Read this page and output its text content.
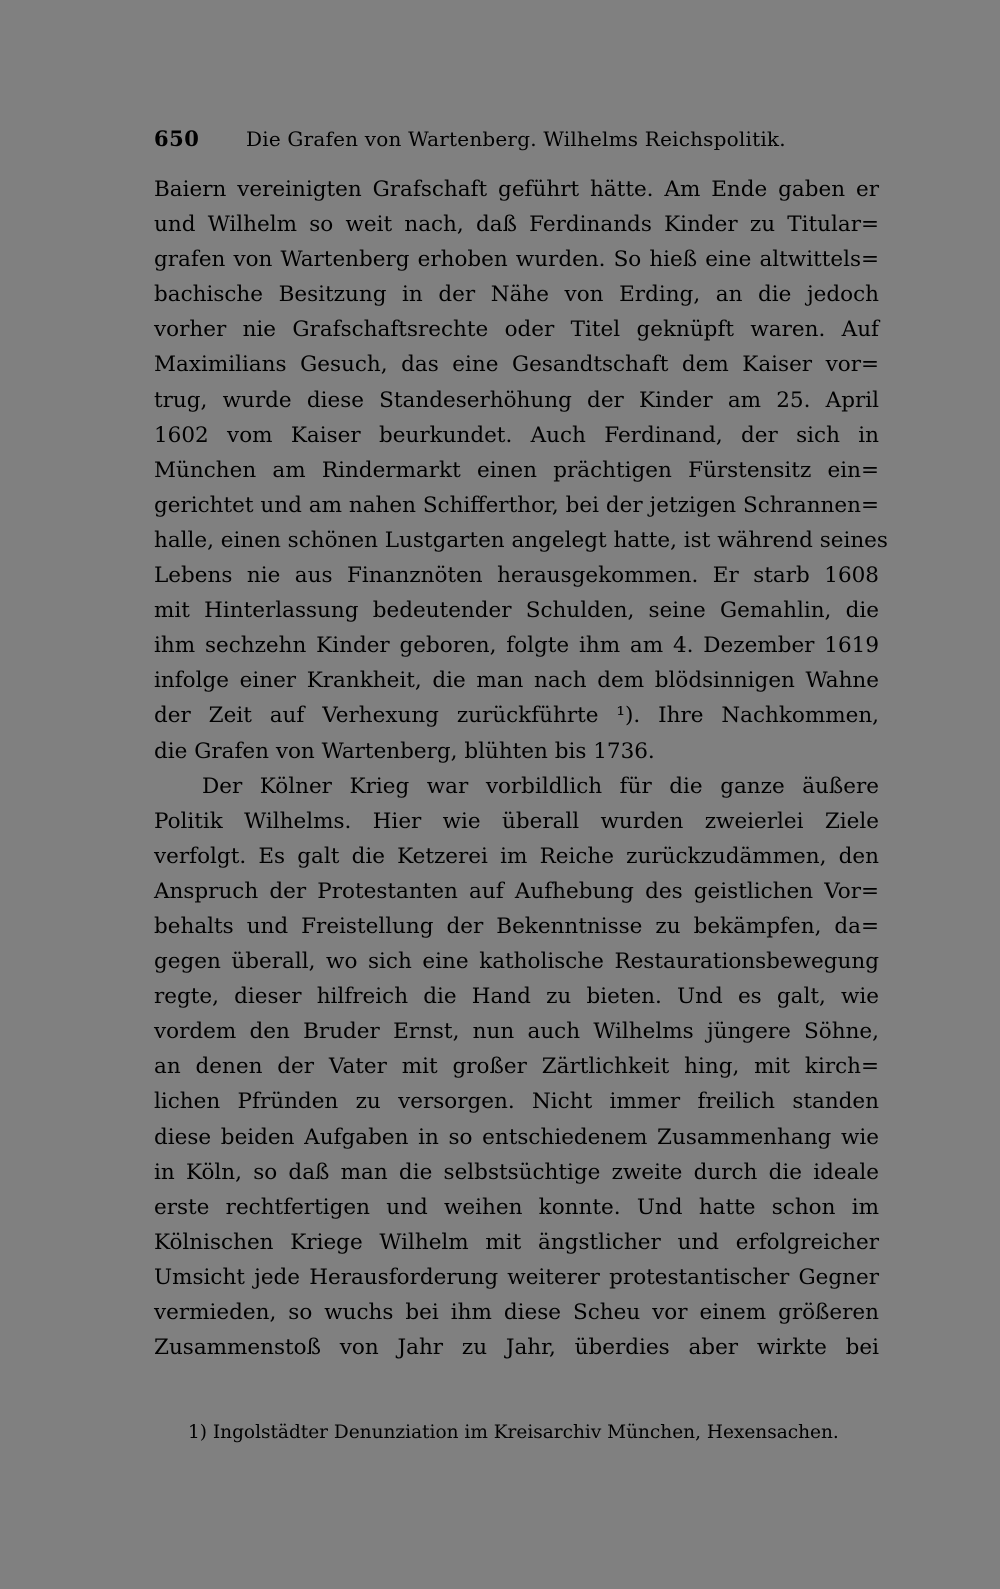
650 Die Grafen von Wartenberg. Wilhelms Reichspolitik.
Baiern vereinigten Grafschaft geführt hätte. Am Ende gaben er
und Wilhelm so weit nach, daß Ferdinands Kinder zu Titular=
grafen von Wartenberg erhoben wurden. So hieß eine altwittels=
bachische Besitzung in der Nähe von Erding, an die jedoch
vorher nie Grafschaftsrechte oder Titel geknüpft waren. Auf
Maximilians Gesuch, das eine Gesandtschaft dem Kaiser vor=
trug, wurde diese Standeserhöhung der Kinder am 25. April
1602 vom Kaiser beurkundet. Auch Ferdinand, der sich in
München am Rindermarkt einen prächtigen Fürstensitz ein=
gerichtet und am nahen Schifferthor, bei der jetzigen Schrannen=
halle, einen schönen Lustgarten angelegt hatte, ist während seines
Lebens nie aus Finanznöten herausgekommen. Er starb 1608
mit Hinterlassung bedeutender Schulden, seine Gemahlin, die
ihm sechzehn Kinder geboren, folgte ihm am 4. Dezember 1619
infolge einer Krankheit, die man nach dem blödsinnigen Wahne
der Zeit auf Verhexung zurückführte ¹). Ihre Nachkommen,
die Grafen von Wartenberg, blühten bis 1736.
Der Kölner Krieg war vorbildlich für die ganze äußere
Politik Wilhelms. Hier wie überall wurden zweierlei Ziele
verfolgt. Es galt die Ketzerei im Reiche zurückzudämmen, den
Anspruch der Protestanten auf Aufhebung des geistlichen Vor=
behalts und Freistellung der Bekenntnisse zu bekämpfen, da=
gegen überall, wo sich eine katholische Restaurationsbewegung
regte, dieser hilfreich die Hand zu bieten. Und es galt, wie
vordem den Bruder Ernst, nun auch Wilhelms jüngere Söhne,
an denen der Vater mit großer Zärtlichkeit hing, mit kirch=
lichen Pfründen zu versorgen. Nicht immer freilich standen
diese beiden Aufgaben in so entschiedenem Zusammenhang wie
in Köln, so daß man die selbstsüchtige zweite durch die ideale
erste rechtfertigen und weihen konnte. Und hatte schon im
Kölnischen Kriege Wilhelm mit ängstlicher und erfolgreicher
Umsicht jede Herausforderung weiterer protestantischer Gegner
vermieden, so wuchs bei ihm diese Scheu vor einem größeren
Zusammenstoß von Jahr zu Jahr, überdies aber wirkte bei
1) Ingolstädter Denunziation im Kreisarchiv München, Hexensachen.
